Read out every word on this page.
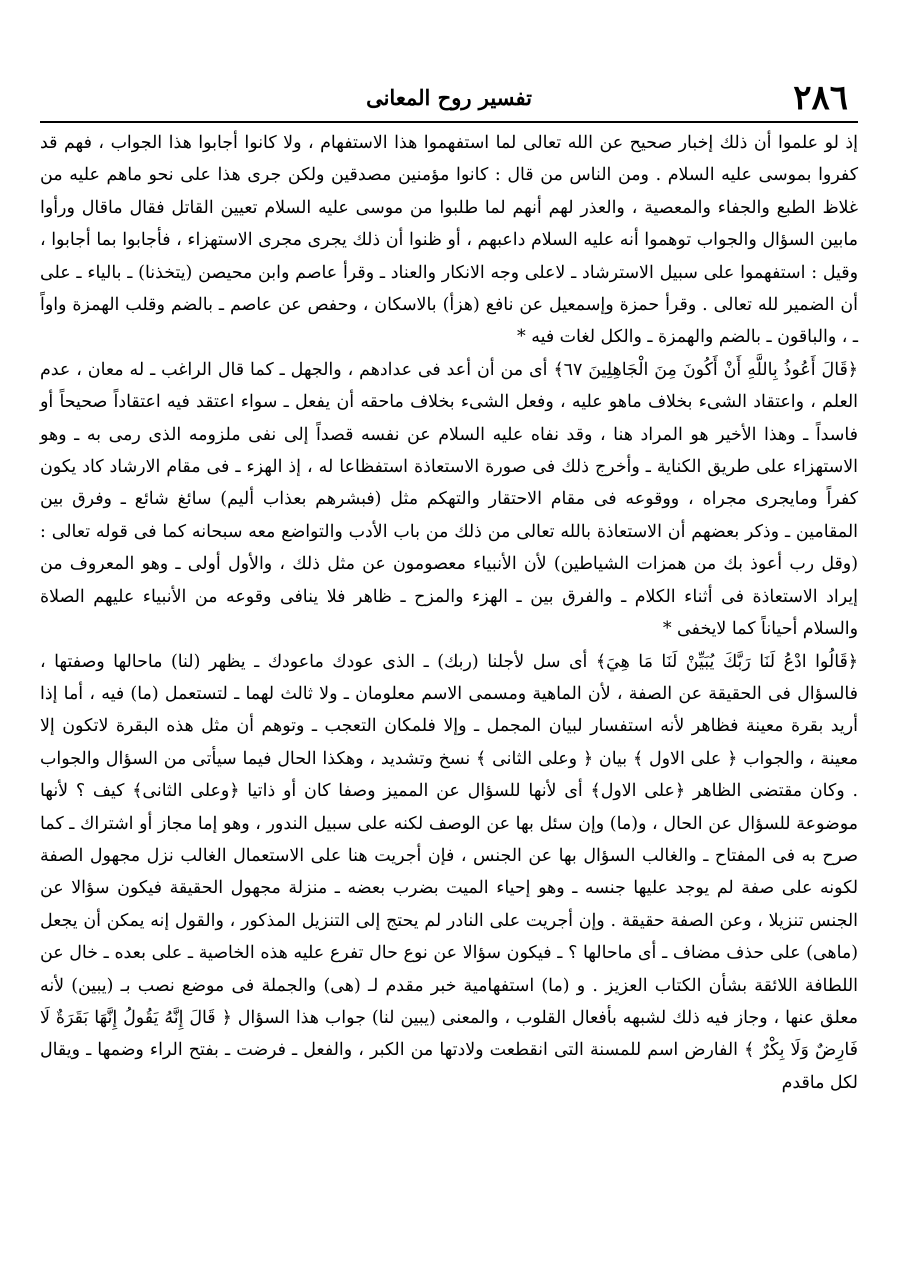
٢٨٦
تفسير روح المعانى

إذ لو علموا أن ذلك إخبار صحيح عن الله تعالى لما استفهموا هذا الاستفهام ، ولا كانوا أجابوا هذا الجواب ، فهم قد كفروا بموسى عليه السلام . ومن الناس من قال : كانوا مؤمنين مصدقين ولكن جرى هذا على نحو ماهم عليه من غلاظ الطبع والجفاء والمعصية ، والعذر لهم أنهم لما طلبوا من موسى عليه السلام تعيين القاتل فقال ماقال ورأوا مابين السؤال والجواب توهموا أنه عليه السلام داعبهم ، أو ظنوا أن ذلك يجرى مجرى الاستهزاء ، فأجابوا بما أجابوا ، وقيل : استفهموا على سبيل الاسترشاد ـ لاعلى وجه الانكار والعناد ـ وقرأ عاصم وابن محيصن (يتخذنا) ـ بالياء ـ على أن الضمير لله تعالى . وقرأ حمزة وإسمعيل عن نافع (هزأ) بالاسكان ، وحفص عن عاصم ـ بالضم وقلب الهمزة واواً ـ ، والباقون ـ بالضم والهمزة ـ والكل لغات فيه *

﴿قَالَ أَعُوذُ بِاللَّهِ أَنْ أَكُونَ مِنَ الْجَاهِلِينَ ٦٧﴾ أى من أن أعد فى عدادهم ، والجهل ـ كما قال الراغب ـ له معان ، عدم العلم ، واعتقاد الشىء بخلاف ماهو عليه ، وفعل الشىء بخلاف ماحقه أن يفعل ـ سواء اعتقد فيه اعتقاداً صحيحاً أو فاسداً ـ وهذا الأخير هو المراد هنا ، وقد نفاه عليه السلام عن نفسه قصداً إلى نفى ملزومه الذى رمى به ـ وهو الاستهزاء على طريق الكناية ـ وأخرج ذلك فى صورة الاستعاذة استفظاعا له ، إذ الهزء ـ فى مقام الارشاد كاد يكون كفراً ومايجرى مجراه ، ووقوعه فى مقام الاحتقار والتهكم مثل (فبشرهم بعذاب أليم) سائغ شائع ـ وفرق بين المقامين ـ وذكر بعضهم أن الاستعاذة بالله تعالى من ذلك من باب الأدب والتواضع معه سبحانه كما فى قوله تعالى : (وقل رب أعوذ بك من همزات الشياطين) لأن الأنبياء معصومون عن مثل ذلك ، والأول أولى ـ وهو المعروف من إيراد الاستعاذة فى أثناء الكلام ـ والفرق بين ـ الهزء والمزح ـ ظاهر فلا ينافى وقوعه من الأنبياء عليهم الصلاة والسلام أحياناً كما لايخفى *

﴿قَالُوا ادْعُ لَنَا رَبَّكَ يُبَيِّنْ لَنَا مَا هِيَ﴾ أى سل لأجلنا (ربك) ـ الذى عودك ماعودك ـ يظهر (لنا) ماحالها وصفتها ، فالسؤال فى الحقيقة عن الصفة ، لأن الماهية ومسمى الاسم معلومان ـ ولا ثالث لهما ـ لتستعمل (ما) فيه ، أما إذا أريد بقرة معينة فظاهر لأنه استفسار لبيان المجمل ـ وإلا فلمكان التعجب ـ وتوهم أن مثل هذه البقرة لاتكون إلا معينة ، والجواب ﴿ على الاول ﴾ بيان ﴿ وعلى الثانى ﴾ نسخ وتشديد ، وهكذا الحال فيما سيأتى من السؤال والجواب . وكان مقتضى الظاهر ﴿على الاول﴾ أى لأنها للسؤال عن المميز وصفا كان أو ذاتيا ﴿وعلى الثانى﴾ كيف ؟ لأنها موضوعة للسؤال عن الحال ، و(ما) وإن سئل بها عن الوصف لكنه على سبيل الندور ، وهو إما مجاز أو اشتراك ـ كما صرح به فى المفتاح ـ والغالب السؤال بها عن الجنس ، فإن أجريت هنا على الاستعمال الغالب نزل مجهول الصفة لكونه على صفة لم يوجد عليها جنسه ـ وهو إحياء الميت بضرب بعضه ـ منزلة مجهول الحقيقة فيكون سؤالا عن الجنس تنزيلا ، وعن الصفة حقيقة . وإن أجريت على النادر لم يحتج إلى التنزيل المذكور ، والقول إنه يمكن أن يجعل (ماهى) على حذف مضاف ـ أى ماحالها ؟ ـ فيكون سؤالا عن نوع حال تفرع عليه هذه الخاصية ـ على بعده ـ خال عن اللطافة اللائقة بشأن الكتاب العزيز . و (ما) استفهامية خبر مقدم لـ (هى) والجملة فى موضع نصب بـ (يبين) لأنه معلق عنها ، وجاز فيه ذلك لشبهه بأفعال القلوب ، والمعنى (يبين لنا) جواب هذا السؤال ﴿ قَالَ إِنَّهُ يَقُولُ إِنَّهَا بَقَرَةٌ لَا فَارِضٌ وَلَا بِكْرٌ ﴾ الفارض اسم للمسنة التى انقطعت ولادتها من الكبر ، والفعل ـ فرضت ـ بفتح الراء وضمها ـ ويقال لكل ماقدم
